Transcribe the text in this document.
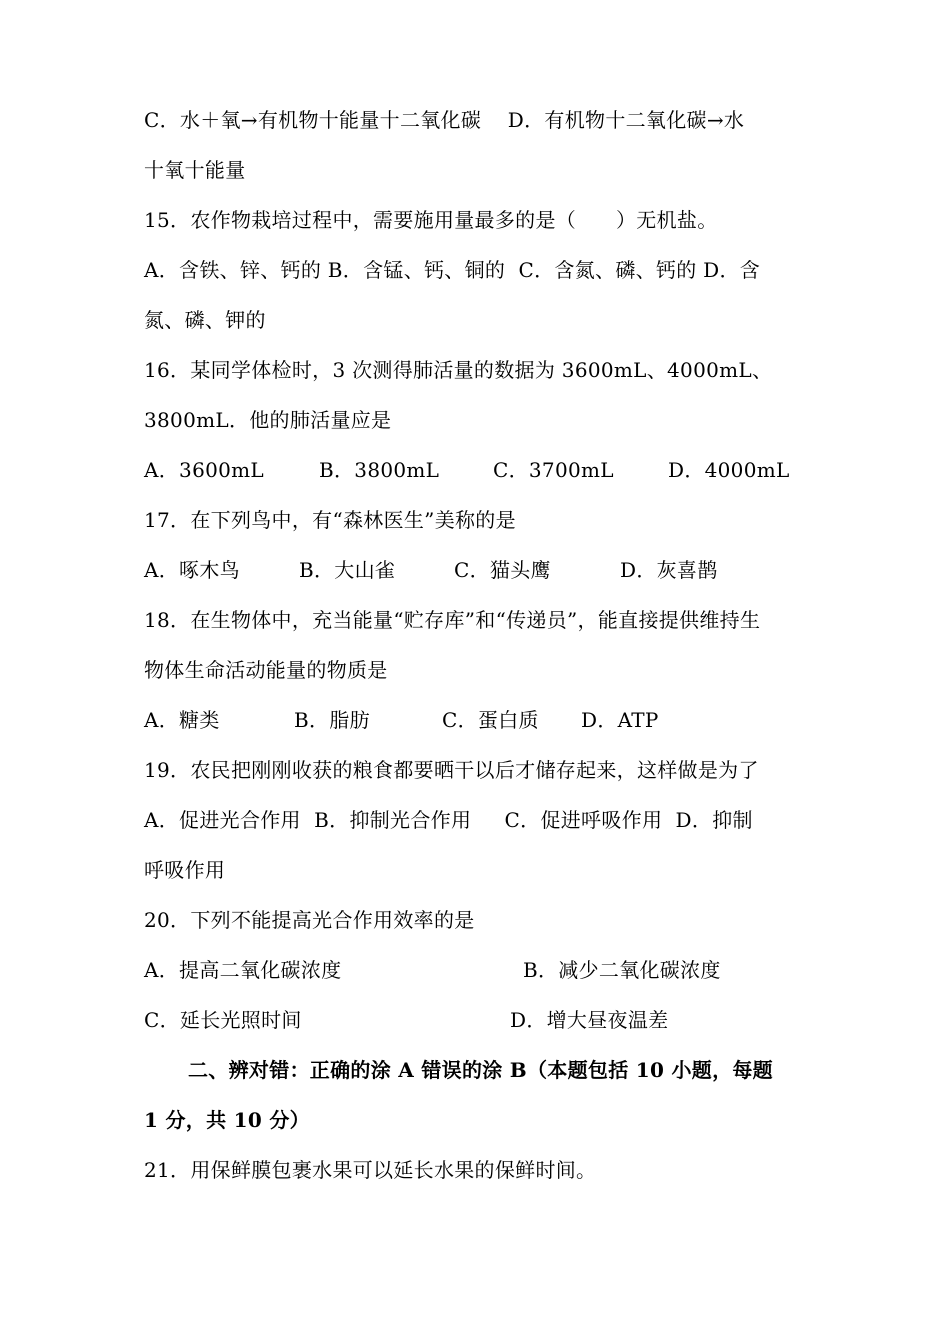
C．水＋氧→有机物十能量十二氧化碳    D．有机物十二氧化碳→水
十氧十能量
15．农作物栽培过程中，需要施用量最多的是（      ）无机盐。
A．含铁、锌、钙的 B．含锰、钙、铜的  C．含氮、磷、钙的 D．含
氮、磷、钾的
16．某同学体检时，3 次测得肺活量的数据为 3600mL、4000mL、
3800mL．他的肺活量应是

A．3600mL

	B．3800mL

	C．3700mL

	D．4000mL

17．在下列鸟中，有“森林医生”美称的是

A．啄木鸟

	B．大山雀

	C．猫头鹰

	D．灰喜鹊

18．在生物体中，充当能量“贮存库”和“传递员”，能直接提供维持生
物体生命活动能量的物质是

A．糖类

	B．脂肪

	C．蛋白质

D．ATP

19．农民把刚刚收获的粮食都要晒干以后才储存起来，这样做是为了
A．促进光合作用  B．抑制光合作用     C．促进呼吸作用  D．抑制
呼吸作用
20．下列不能提高光合作用效率的是

A．提高二氧化碳浓度

	B．减少二氧化碳浓度

C．延长光照时间

	D．增大昼夜温差

二、辨对错：正确的涂 A 错误的涂 B（本题包括 10 小题，每题
1 分，共 10 分）
21．用保鲜膜包裹水果可以延长水果的保鲜时间。
